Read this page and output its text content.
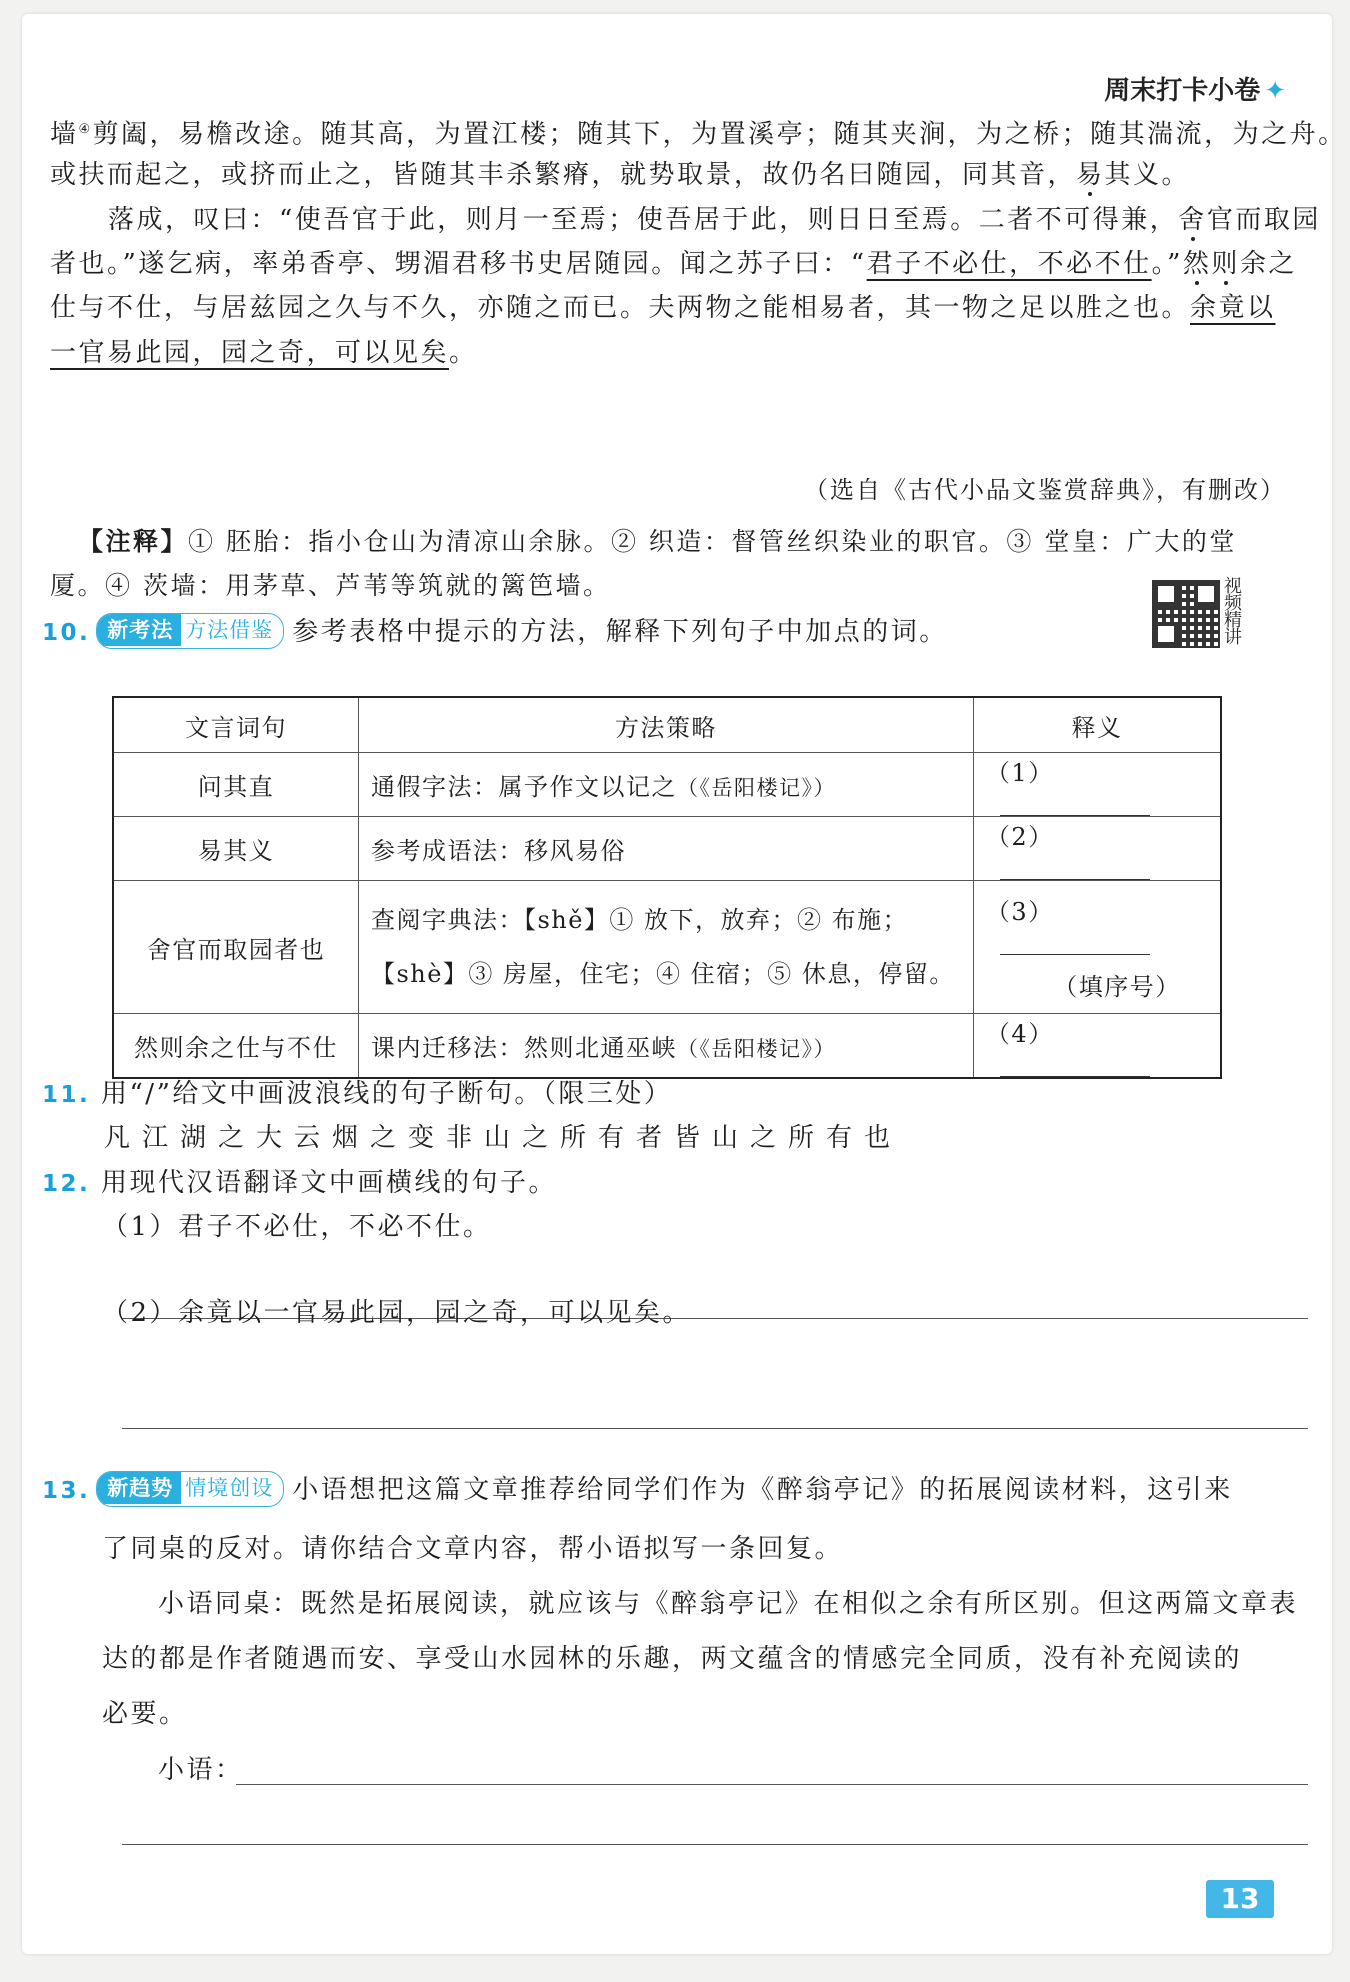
周末打卡小卷 ✦
墙④剪阖，易檐改途。随其高，为置江楼；随其下，为置溪亭；随其夹涧，为之桥；随其湍流，为之舟。
或扶而起之，或挤而止之，皆随其丰杀繁瘠，就势取景，故仍名曰随园，同其音，易其义。
落成，叹曰：“使吾官于此，则月一至焉；使吾居于此，则日日至焉。二者不可得兼，舍官而取园
者也。”遂乞病，率弟香亭、甥湄君移书史居随园。闻之苏子曰：“君子不必仕，不必不仕。”然则余之
仕与不仕，与居兹园之久与不久，亦随之而已。夫两物之能相易者，其一物之足以胜之也。余竟以
一官易此园，园之奇，可以见矣。
（选自《古代小品文鉴赏辞典》，有删改）
【注释】① 胚胎：指小仓山为清凉山余脉。② 织造：督管丝织染业的职官。③ 堂皇：广大的堂
厦。④ 茨墙：用茅草、芦苇等筑就的篱笆墙。	视频精讲
10. 新考法 方法借鉴 参考表格中提示的方法，解释下列句子中加点的词。
文言词句	方法策略	释义
问其直	通假字法：属予作文以记之（《岳阳楼记》）	（1）
易其义	参考成语法：移风易俗	（2）
舍官而取园者也	查阅字典法：【shě】① 放下，放弃；② 布施；
【shè】③ 房屋，住宅；④ 住宿；⑤ 休息，停留。	（3）
（填序号）

然则余之仕与不仕	课内迁移法：然则北通巫峡（《岳阳楼记》）	（4）
11. 用“/”给文中画波浪线的句子断句。（限三处）
凡江湖之大云烟之变非山之所有者皆山之所有也
12. 用现代汉语翻译文中画横线的句子。
（1）君子不必仕，不必不仕。
（2）余竟以一官易此园，园之奇，可以见矣。
13. 新趋势 情境创设 小语想把这篇文章推荐给同学们作为《醉翁亭记》的拓展阅读材料，这引来
了同桌的反对。请你结合文章内容，帮小语拟写一条回复。
小语同桌：既然是拓展阅读，就应该与《醉翁亭记》在相似之余有所区别。但这两篇文章表
达的都是作者随遇而安、享受山水园林的乐趣，两文蕴含的情感完全同质，没有补充阅读的
必要。
小语：
13
